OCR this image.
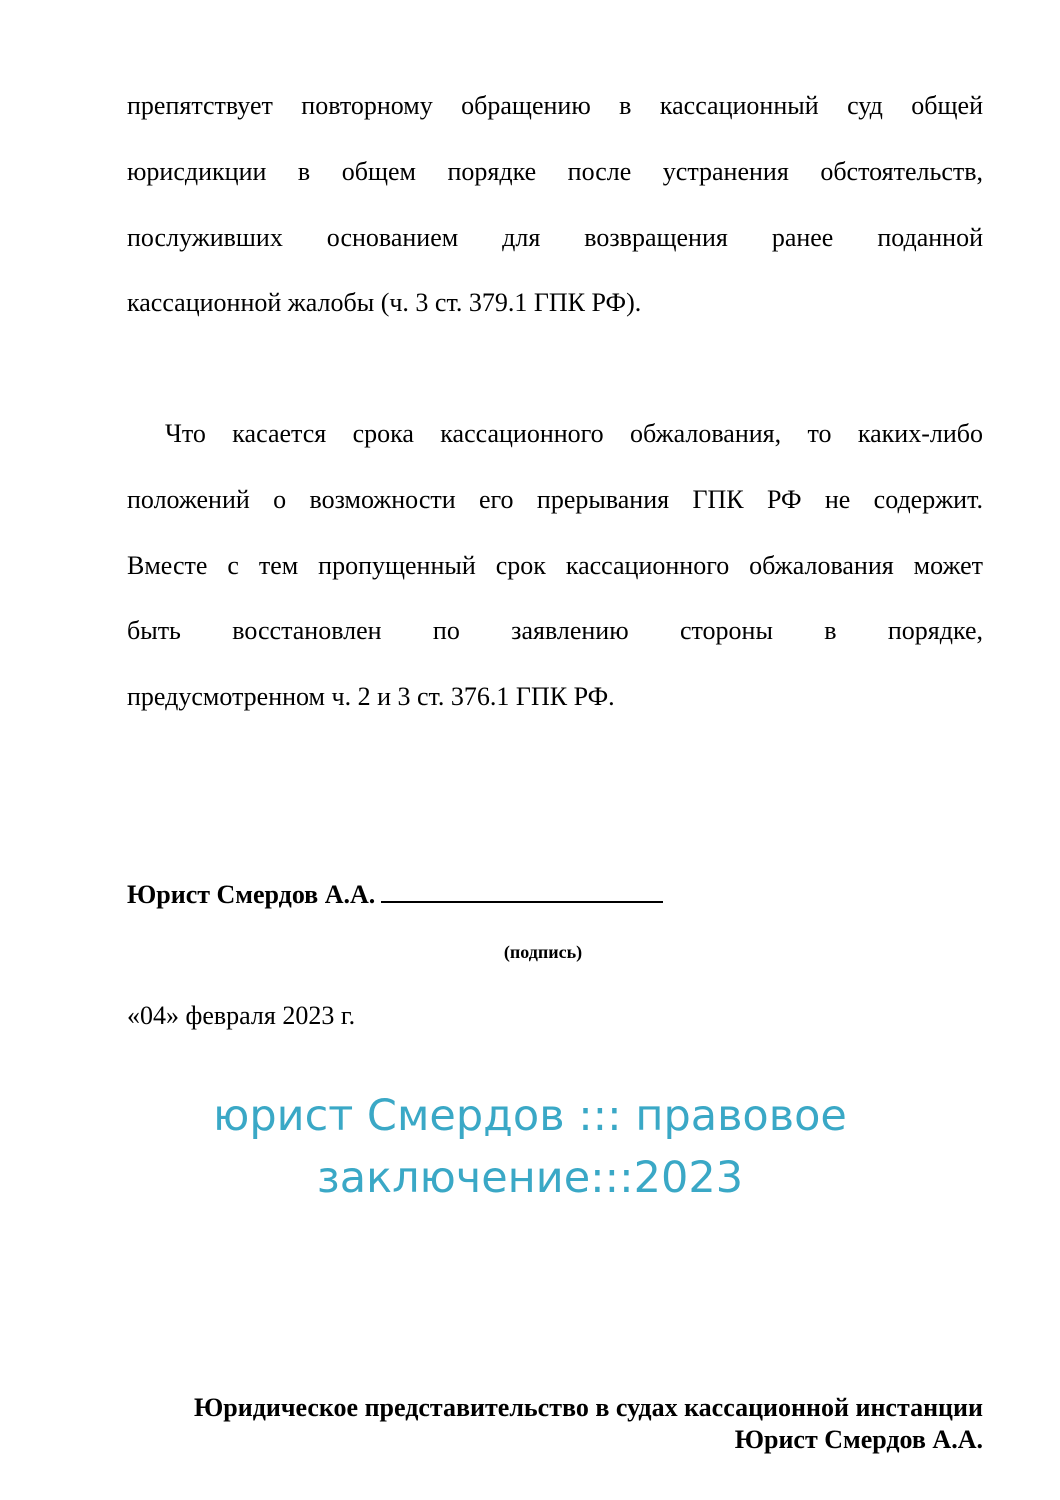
препятствует повторному обращению в кассационный суд общей
юрисдикции в общем порядке после устранения обстоятельств,
послуживших основанием для возвращения ранее поданной
кассационной жалобы (ч. 3 ст. 379.1 ГПК РФ).
Что касается срока кассационного обжалования, то каких-либо
положений о возможности его прерывания ГПК РФ не содержит.
Вместе с тем пропущенный срок кассационного обжалования может
быть восстановлен по заявлению стороны в порядке,
предусмотренном ч. 2 и 3 ст. 376.1 ГПК РФ.
Юрист Смердов А.А.
(подпись)
«04» февраля 2023 г.
юрист Смердов ::: правовое заключение:::2023
Юридическое представительство в судах кассационной инстанции
Юрист Смердов А.А.
